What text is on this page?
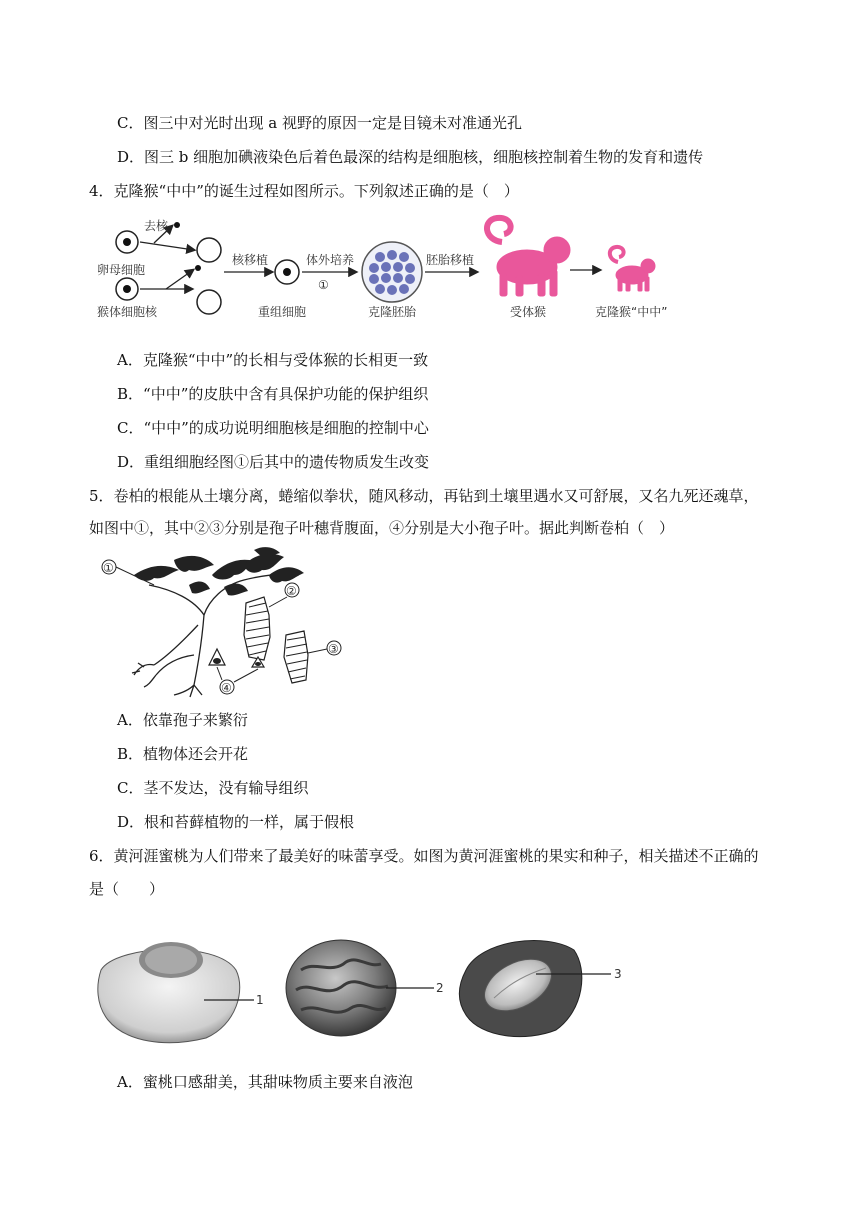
C．图三中对光时出现 a 视野的原因一定是目镜未对准通光孔
D．图三 b 细胞加碘液染色后着色最深的结构是细胞核，细胞核控制着生物的发育和遗传
4．克隆猴“中中”的诞生过程如图所示。下列叙述正确的是（　）
卵母细胞
猴体细胞核
去核
核移植
重组细胞
体外培养
①
克隆胚胎
胚胎移植
受体猴	克隆猴“中中”
A．克隆猴“中中”的长相与受体猴的长相更一致
B．“中中”的皮肤中含有具保护功能的保护组织
C．“中中”的成功说明细胞核是细胞的控制中心
D．重组细胞经图①后其中的遗传物质发生改变
5．卷柏的根能从土壤分离，蜷缩似拳状，随风移动，再钻到土壤里遇水又可舒展，又名九死还魂草，
如图中①，其中②③分别是孢子叶穗背腹面，④分别是大小孢子叶。据此判断卷柏（　）
②
③
④
①
A．依靠孢子来繁衍
B．植物体还会开花
C．茎不发达，没有输导组织
D．根和苔藓植物的一样，属于假根
6．黄河涯蜜桃为人们带来了最美好的味蕾享受。如图为黄河涯蜜桃的果实和种子，相关描述不正确的
是（　　）
1
2
3
A．蜜桃口感甜美，其甜味物质主要来自液泡
